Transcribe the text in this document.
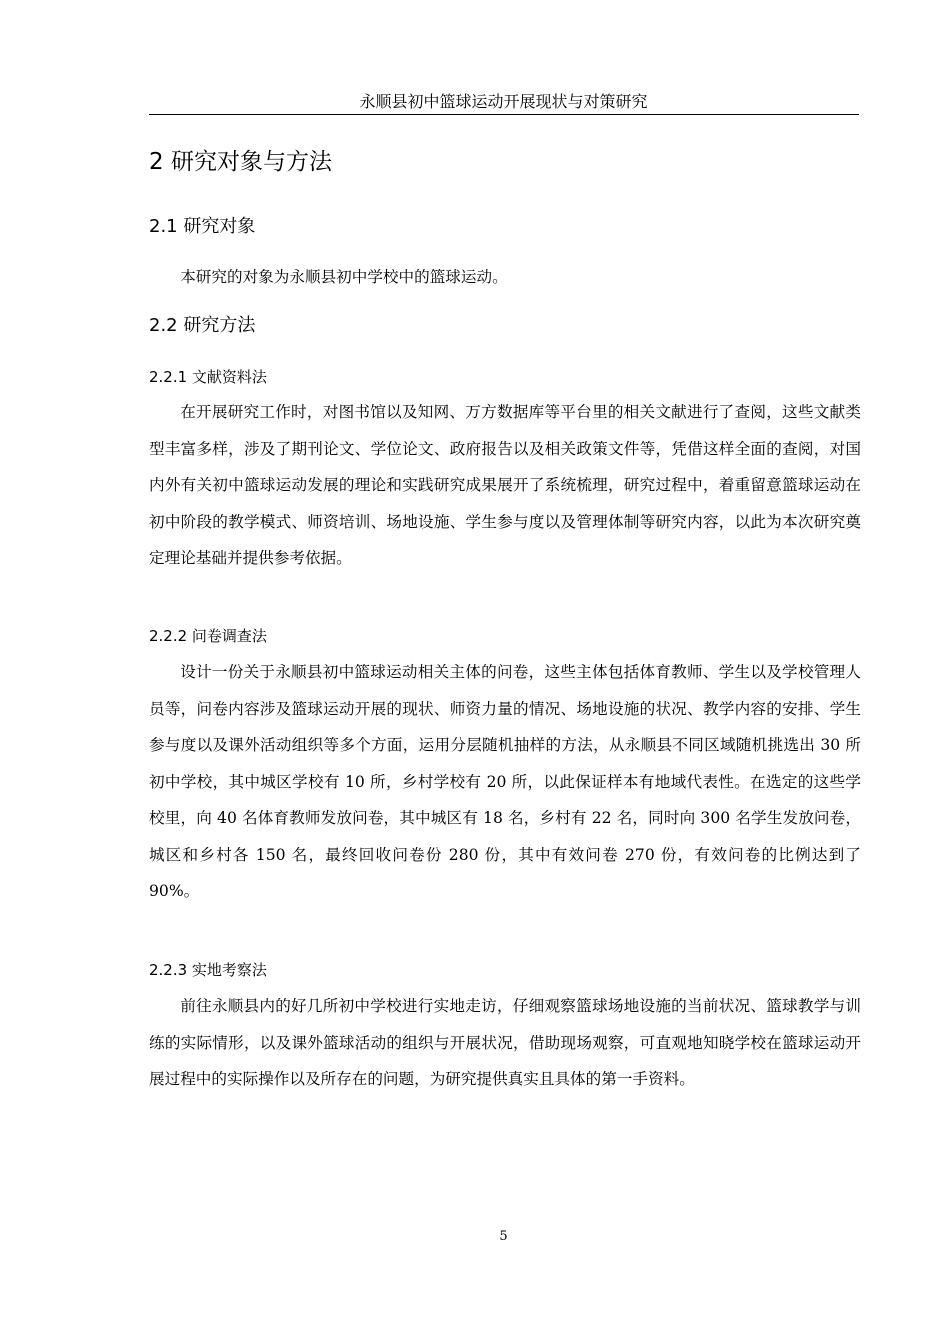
永顺县初中篮球运动开展现状与对策研究
2 研究对象与方法
2.1 研究对象

本研究的对象为永顺县初中学校中的篮球运动。

2.2 研究方法
2.2.1 文献资料法

在开展研究工作时，对图书馆以及知网、万方数据库等平台里的相关文献进行了查阅，这些文献类型丰富多样，涉及了期刊论文、学位论文、政府报告以及相关政策文件等，凭借这样全面的查阅，对国内外有关初中篮球运动发展的理论和实践研究成果展开了系统梳理，研究过程中，着重留意篮球运动在初中阶段的教学模式、师资培训、场地设施、学生参与度以及管理体制等研究内容，以此为本次研究奠定理论基础并提供参考依据。

2.2.2 问卷调查法

设计一份关于永顺县初中篮球运动相关主体的问卷，这些主体包括体育教师、学生以及学校管理人员等，问卷内容涉及篮球运动开展的现状、师资力量的情况、场地设施的状况、教学内容的安排、学生参与度以及课外活动组织等多个方面，运用分层随机抽样的方法，从永顺县不同区域随机挑选出 30 所初中学校，其中城区学校有 10 所，乡村学校有 20 所，以此保证样本有地域代表性。在选定的这些学校里，向 40 名体育教师发放问卷，其中城区有 18 名，乡村有 22 名，同时向 300 名学生发放问卷，城区和乡村各 150 名，最终回收问卷份 280 份，其中有效问卷 270 份，有效问卷的比例达到了 90%。

2.2.3 实地考察法

前往永顺县内的好几所初中学校进行实地走访，仔细观察篮球场地设施的当前状况、篮球教学与训练的实际情形，以及课外篮球活动的组织与开展状况，借助现场观察，可直观地知晓学校在篮球运动开展过程中的实际操作以及所存在的问题，为研究提供真实且具体的第一手资料。

5
